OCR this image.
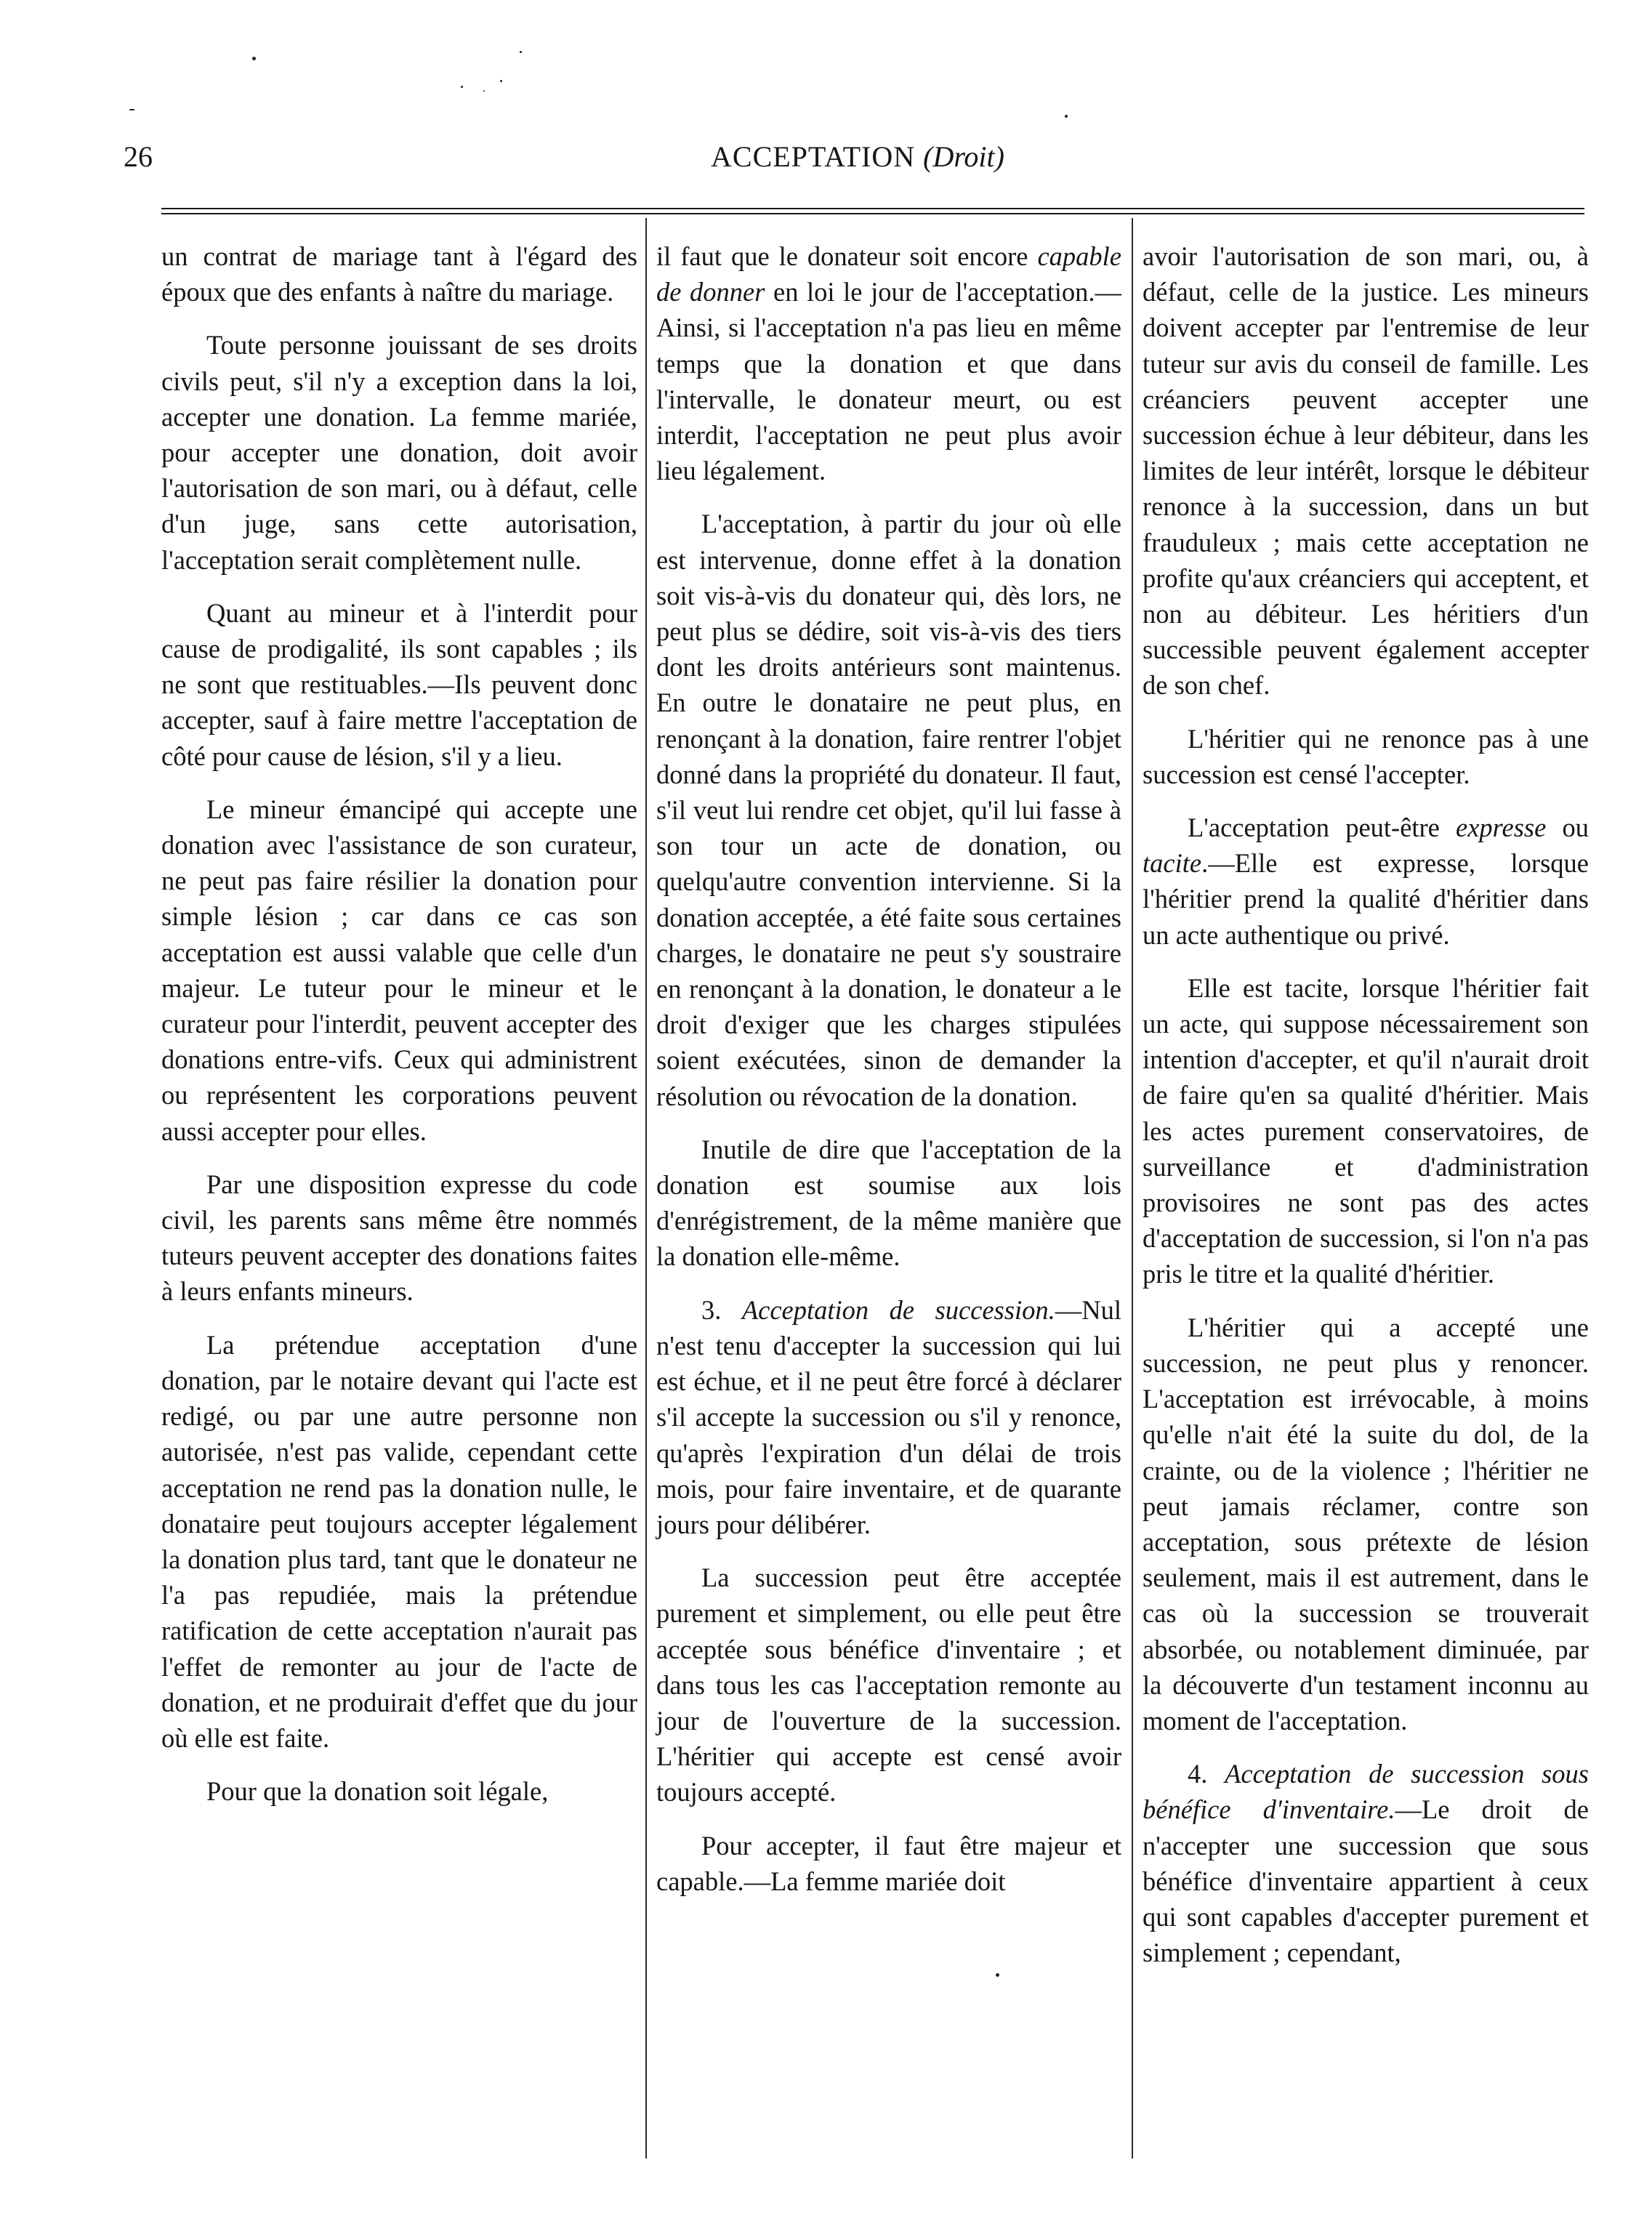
26	ACCEPTATION (Droit)

un contrat de mariage tant à l'égard des époux que des enfants à naître du mariage.

Toute personne jouissant de ses droits civils peut, s'il n'y a exception dans la loi, accepter une donation. La femme mariée, pour accepter une donation, doit avoir l'autorisation de son mari, ou à défaut, celle d'un juge, sans cette autorisation, l'acceptation serait complètement nulle.

Quant au mineur et à l'interdit pour cause de prodigalité, ils sont capables ; ils ne sont que restituables.—Ils peuvent donc accepter, sauf à faire mettre l'acceptation de côté pour cause de lésion, s'il y a lieu.

Le mineur émancipé qui accepte une donation avec l'assistance de son curateur, ne peut pas faire résilier la donation pour simple lésion ; car dans ce cas son acceptation est aussi valable que celle d'un majeur. Le tuteur pour le mineur et le curateur pour l'interdit, peuvent accepter des donations entre-vifs. Ceux qui administrent ou représentent les corporations peuvent aussi accepter pour elles.

Par une disposition expresse du code civil, les parents sans même être nommés tuteurs peuvent accepter des donations faites à leurs enfants mineurs.

La prétendue acceptation d'une donation, par le notaire devant qui l'acte est redigé, ou par une autre personne non autorisée, n'est pas valide, cependant cette acceptation ne rend pas la donation nulle, le donataire peut toujours accepter légalement la donation plus tard, tant que le donateur ne l'a pas repudiée, mais la prétendue ratification de cette acceptation n'aurait pas l'effet de remonter au jour de l'acte de donation, et ne produirait d'effet que du jour où elle est faite.

Pour que la donation soit légale,

il faut que le donateur soit encore capable de donner en loi le jour de l'acceptation.—Ainsi, si l'acceptation n'a pas lieu en même temps que la donation et que dans l'intervalle, le donateur meurt, ou est interdit, l'acceptation ne peut plus avoir lieu légalement.

L'acceptation, à partir du jour où elle est intervenue, donne effet à la donation soit vis-à-vis du donateur qui, dès lors, ne peut plus se dédire, soit vis-à-vis des tiers dont les droits antérieurs sont maintenus. En outre le donataire ne peut plus, en renonçant à la donation, faire rentrer l'objet donné dans la propriété du donateur. Il faut, s'il veut lui rendre cet objet, qu'il lui fasse à son tour un acte de donation, ou quelqu'autre convention intervienne. Si la donation acceptée, a été faite sous certaines charges, le donataire ne peut s'y soustraire en renonçant à la donation, le donateur a le droit d'exiger que les charges stipulées soient exécutées, sinon de demander la résolution ou révocation de la donation.

Inutile de dire que l'acceptation de la donation est soumise aux lois d'enrégistrement, de la même manière que la donation elle-même.

3. Acceptation de succession.—Nul n'est tenu d'accepter la succession qui lui est échue, et il ne peut être forcé à déclarer s'il accepte la succession ou s'il y renonce, qu'après l'expiration d'un délai de trois mois, pour faire inventaire, et de quarante jours pour délibérer.

La succession peut être acceptée purement et simplement, ou elle peut être acceptée sous bénéfice d'inventaire ; et dans tous les cas l'acceptation remonte au jour de l'ouverture de la succession. L'héritier qui accepte est censé avoir toujours accepté.

Pour accepter, il faut être majeur et capable.—La femme mariée doit

avoir l'autorisation de son mari, ou, à défaut, celle de la justice. Les mineurs doivent accepter par l'entremise de leur tuteur sur avis du conseil de famille. Les créanciers peuvent accepter une succession échue à leur débiteur, dans les limites de leur intérêt, lorsque le débiteur renonce à la succession, dans un but frauduleux ; mais cette acceptation ne profite qu'aux créanciers qui acceptent, et non au débiteur. Les héritiers d'un successible peuvent également accepter de son chef.

L'héritier qui ne renonce pas à une succession est censé l'accepter.

L'acceptation peut-être expresse ou tacite.—Elle est expresse, lorsque l'héritier prend la qualité d'héritier dans un acte authentique ou privé.

Elle est tacite, lorsque l'héritier fait un acte, qui suppose nécessairement son intention d'accepter, et qu'il n'aurait droit de faire qu'en sa qualité d'héritier. Mais les actes purement conservatoires, de surveillance et d'administration provisoires ne sont pas des actes d'acceptation de succession, si l'on n'a pas pris le titre et la qualité d'héritier.

L'héritier qui a accepté une succession, ne peut plus y renoncer. L'acceptation est irrévocable, à moins qu'elle n'ait été la suite du dol, de la crainte, ou de la violence ; l'héritier ne peut jamais réclamer, contre son acceptation, sous prétexte de lésion seulement, mais il est autrement, dans le cas où la succession se trouverait absorbée, ou notablement diminuée, par la découverte d'un testament inconnu au moment de l'acceptation.

4. Acceptation de succession sous bénéfice d'inventaire.—Le droit de n'accepter une succession que sous bénéfice d'inventaire appartient à ceux qui sont capables d'accepter purement et simplement ; cependant,
